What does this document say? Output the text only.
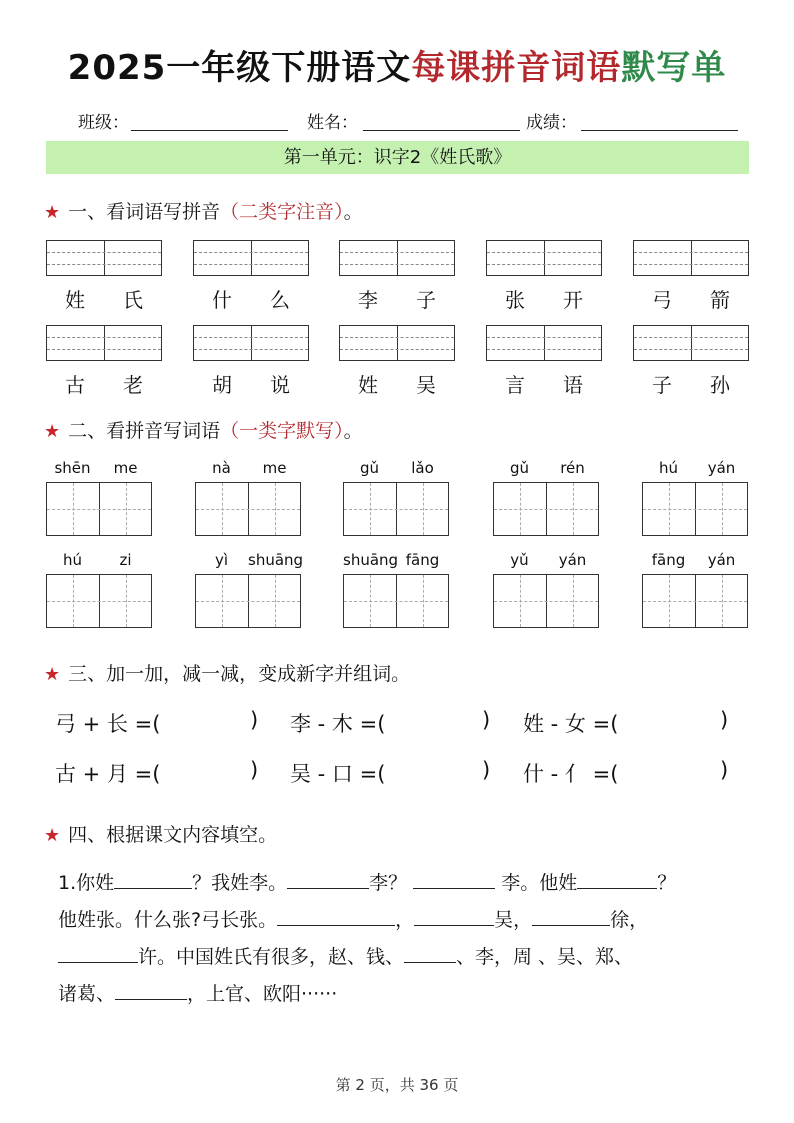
2025一年级下册语文每课拼音词语默写单
班级：	姓名：	成绩：
第一单元：识字2《姓氏歌》
★ 一、看词语写拼音（二类字注音）。
姓	氏	什	么	李	子	张	开	弓	箭
古	老	胡	说	姓	吴	言	语	子	孙
★ 二、看拼音写词语（一类字默写）。
shēn	me	nà	me	gǔ	lǎo	gǔ	rén	hú	yán
hú	zi	yì	shuāng	shuāng fāng	yǔ	yán	fāng	yán
★ 三、加一加，减一减，变成新字并组词。
弓 + 长 =(	) 李 - 木 =(	) 姓 - 女 =(	)
古 + 月 =(	) 吴 - 口 =(	) 什 - 亻 =(	)
★ 四、根据课文内容填空。
1.你姓	？我姓李。	李？	李。他姓	？
他姓张。什么张?弓长张。	，	吴，	徐，
许。中国姓氏有很多，赵、钱、	、李，周 、吴、郑、
诸葛、	，上官、欧阳······
第 2 页，共 36 页
